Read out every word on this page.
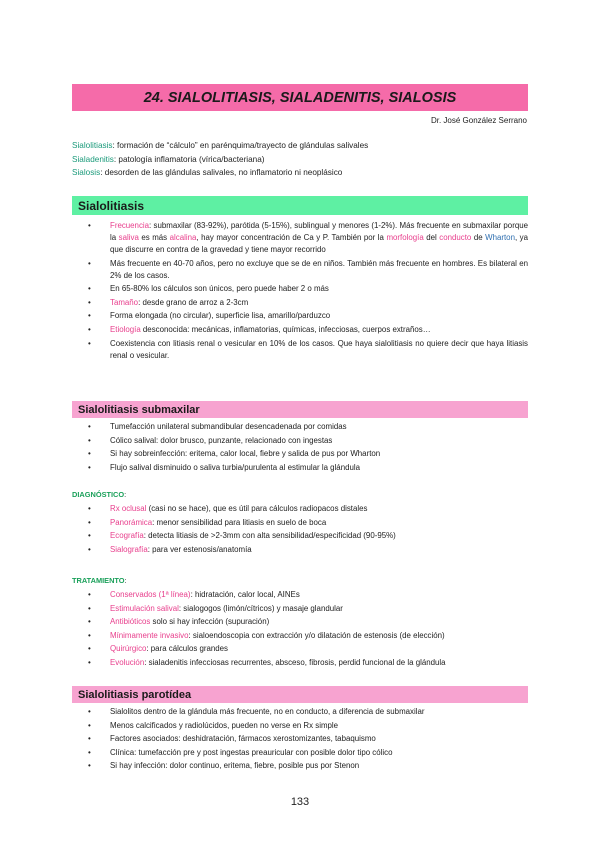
24. SIALOLITIASIS, SIALADENITIS, SIALOSIS
Dr. José González Serrano
Sialolitiasis: formación de “cálculo” en parénquima/trayecto de glándulas salivales
Sialadenitis: patología inflamatoria (vírica/bacteriana)
Sialosis: desorden de las glándulas salivales, no inflamatorio ni neoplásico
Sialolitiasis
• Frecuencia: submaxilar (83-92%), parótida (5-15%), sublingual y menores (1-2%). Más frecuente en submaxilar porque la saliva es más alcalina, hay mayor concentración de Ca y P. También por la morfología del conducto de Wharton, ya que discurre en contra de la gravedad y tiene mayor recorrido
• Más frecuente en 40-70 años, pero no excluye que se de en niños. También más frecuente en hombres. Es bilateral en 2% de los casos.
• En 65-80% los cálculos son únicos, pero puede haber 2 o más
• Tamaño: desde grano de arroz a 2-3cm
• Forma elongada (no circular), superficie lisa, amarillo/parduzco
• Etiología desconocida: mecánicas, inflamatorias, químicas, infecciosas, cuerpos extraños…
• Coexistencia con litiasis renal o vesicular en 10% de los casos. Que haya sialolitiasis no quiere decir que haya litiasis renal o vesicular.
Sialolitiasis submaxilar
• Tumefacción unilateral submandibular desencadenada por comidas
• Cólico salival: dolor brusco, punzante, relacionado con ingestas
• Si hay sobreinfección: eritema, calor local, fiebre y salida de pus por Wharton
• Flujo salival disminuido o saliva turbia/purulenta al estimular la glándula
DIAGNÓSTICO:
• Rx oclusal (casi no se hace), que es útil para cálculos radiopacos distales
• Panorámica: menor sensibilidad para litiasis en suelo de boca
• Ecografía: detecta litiasis de >2-3mm con alta sensibilidad/especificidad (90-95%)
• Sialografía: para ver estenosis/anatomía
TRATAMIENTO:
• Conservados (1ª línea): hidratación, calor local, AINEs
• Estimulación salival: sialogogos (limón/cítricos) y masaje glandular
• Antibióticos solo si hay infección (supuración)
• Mínimamente invasivo: sialoendoscopia con extracción y/o dilatación de estenosis (de elección)
• Quirúrgico: para cálculos grandes
• Evolución: sialadenitis infecciosas recurrentes, absceso, fibrosis, perdid funcional de la glándula
Sialolitiasis parotídea
• Sialolitos dentro de la glándula más frecuente, no en conducto, a diferencia de submaxilar
• Menos calcificados y radiolúcidos, pueden no verse en Rx simple
• Factores asociados: deshidratación, fármacos xerostomizantes, tabaquismo
• Clínica: tumefacción pre y post ingestas preauricular con posible dolor tipo cólico
• Si hay infección: dolor continuo, eritema, fiebre, posible pus por Stenon
133
